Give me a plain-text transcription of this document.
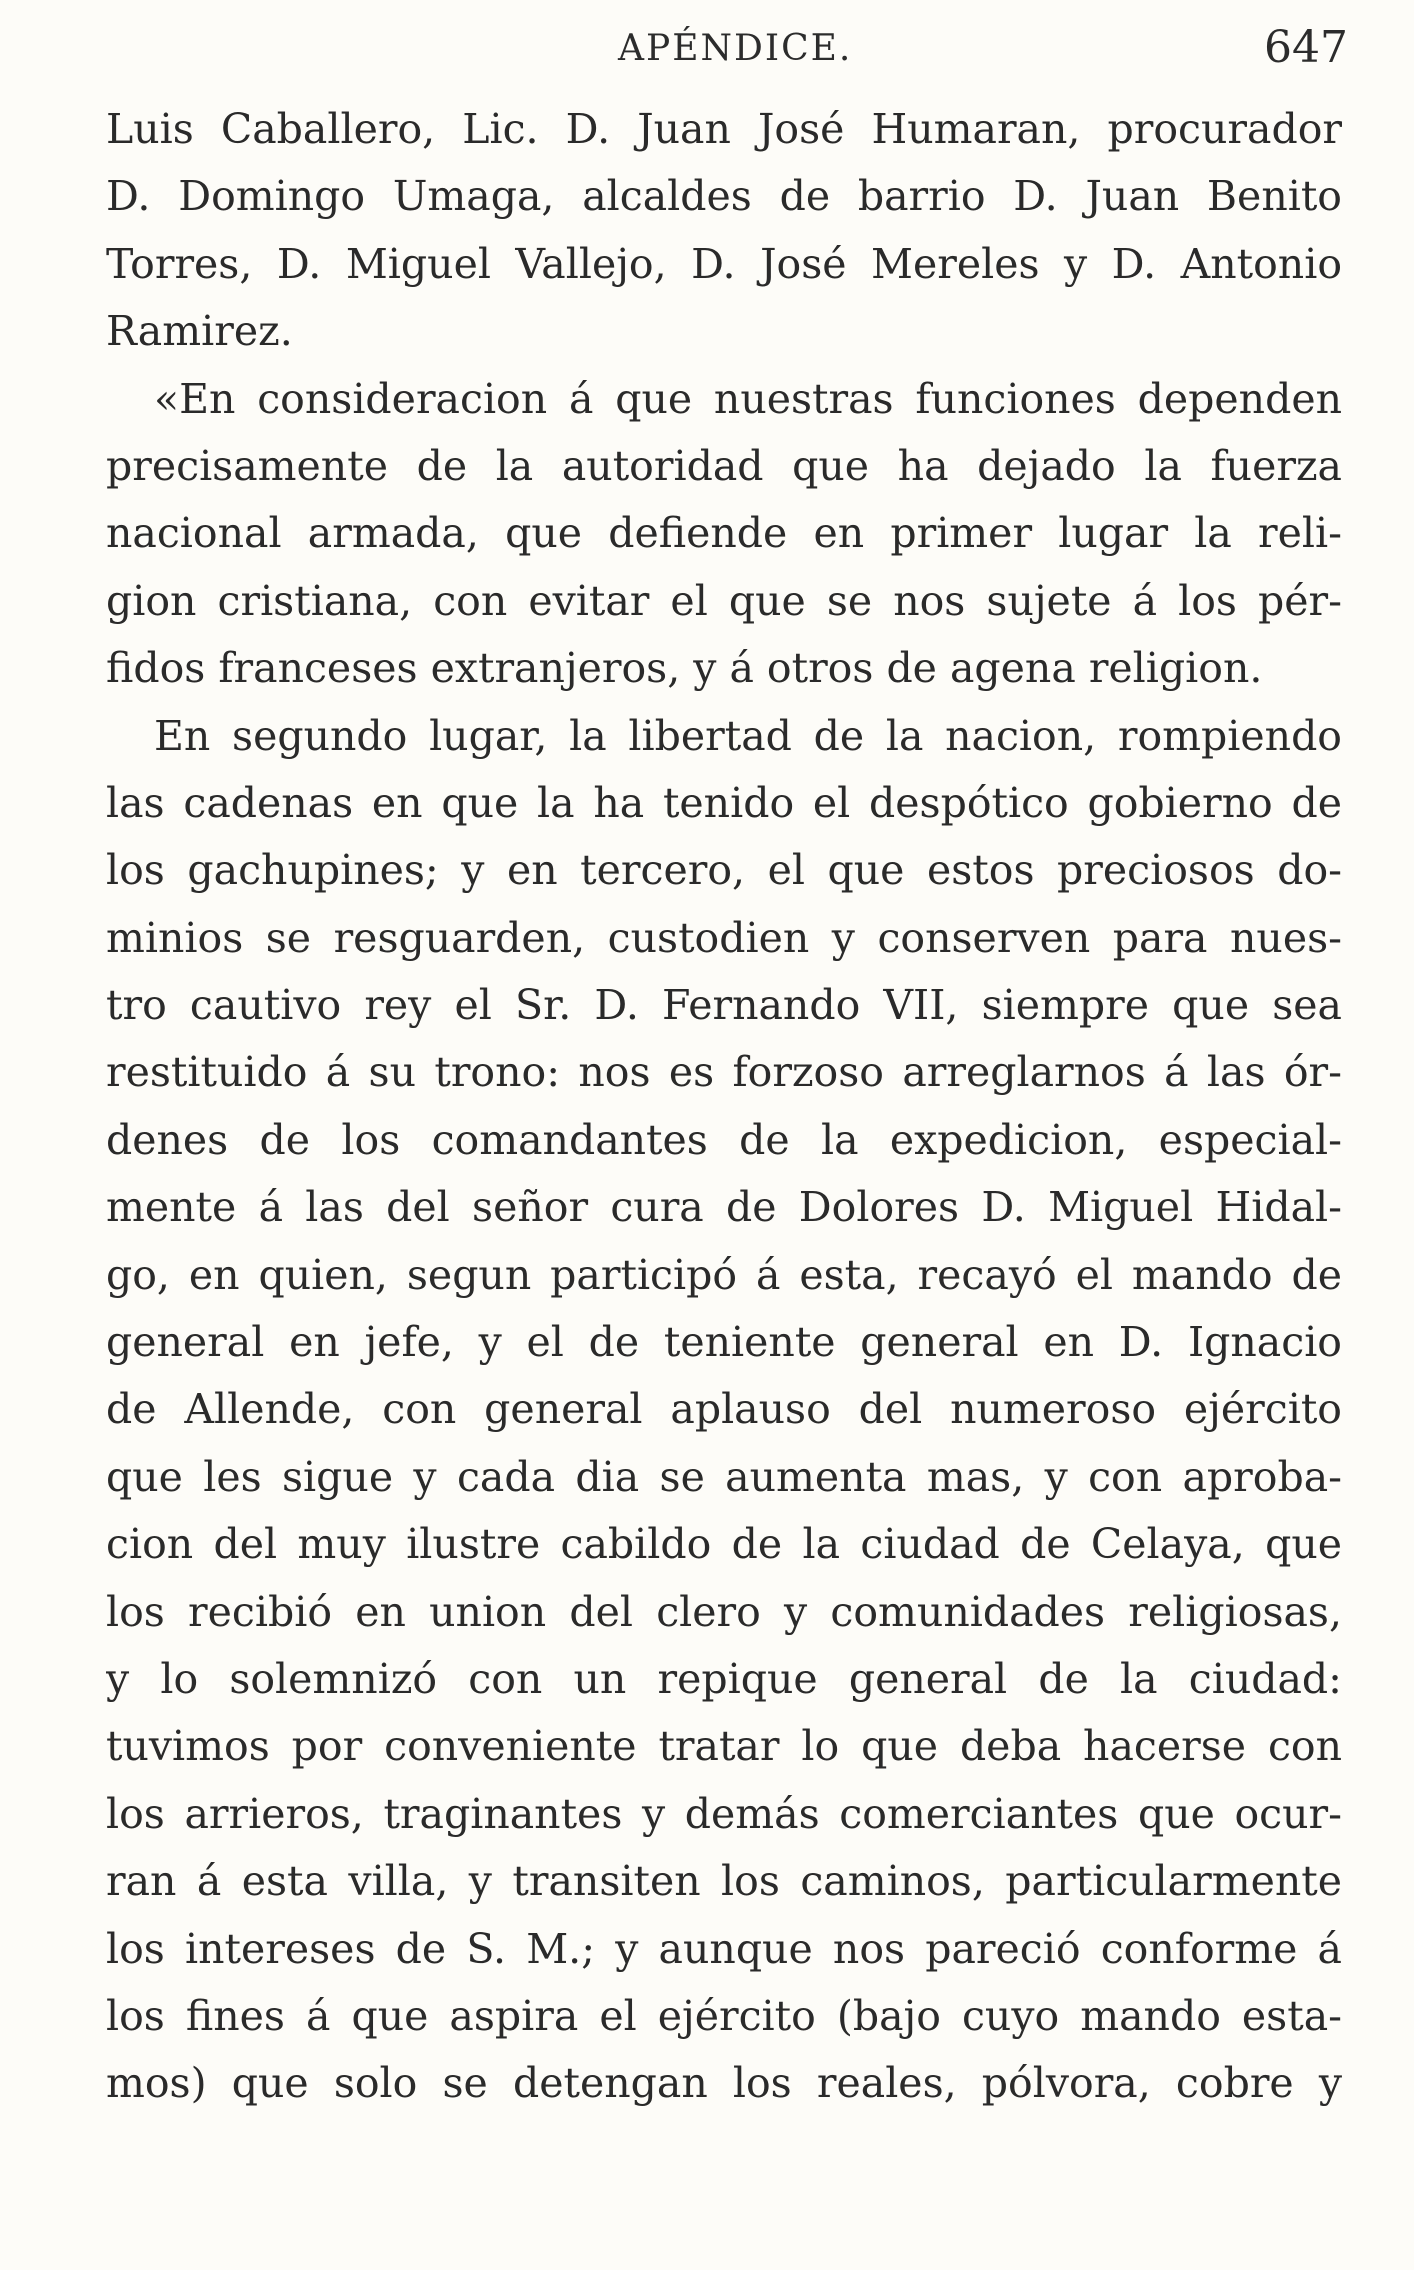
APÉNDICE.	647
Luis Caballero, Lic. D. Juan José Humaran, procurador
D. Domingo Umaga, alcaldes de barrio D. Juan Benito
Torres, D. Miguel Vallejo, D. José Mereles y D. Antonio
Ramirez.
«En consideracion á que nuestras funciones dependen
precisamente de la autoridad que ha dejado la fuerza
nacional armada, que defiende en primer lugar la reli-
gion cristiana, con evitar el que se nos sujete á los pér-
fidos franceses extranjeros, y á otros de agena religion.
En segundo lugar, la libertad de la nacion, rompiendo
las cadenas en que la ha tenido el despótico gobierno de
los gachupines; y en tercero, el que estos preciosos do-
minios se resguarden, custodien y conserven para nues-
tro cautivo rey el Sr. D. Fernando VII, siempre que sea
restituido á su trono: nos es forzoso arreglarnos á las ór-
denes de los comandantes de la expedicion, especial-
mente á las del señor cura de Dolores D. Miguel Hidal-
go, en quien, segun participó á esta, recayó el mando de
general en jefe, y el de teniente general en D. Ignacio
de Allende, con general aplauso del numeroso ejército
que les sigue y cada dia se aumenta mas, y con aproba-
cion del muy ilustre cabildo de la ciudad de Celaya, que
los recibió en union del clero y comunidades religiosas,
y lo solemnizó con un repique general de la ciudad:
tuvimos por conveniente tratar lo que deba hacerse con
los arrieros, traginantes y demás comerciantes que ocur-
ran á esta villa, y transiten los caminos, particularmente
los intereses de S. M.; y aunque nos pareció conforme á
los fines á que aspira el ejército (bajo cuyo mando esta-
mos) que solo se detengan los reales, pólvora, cobre y
